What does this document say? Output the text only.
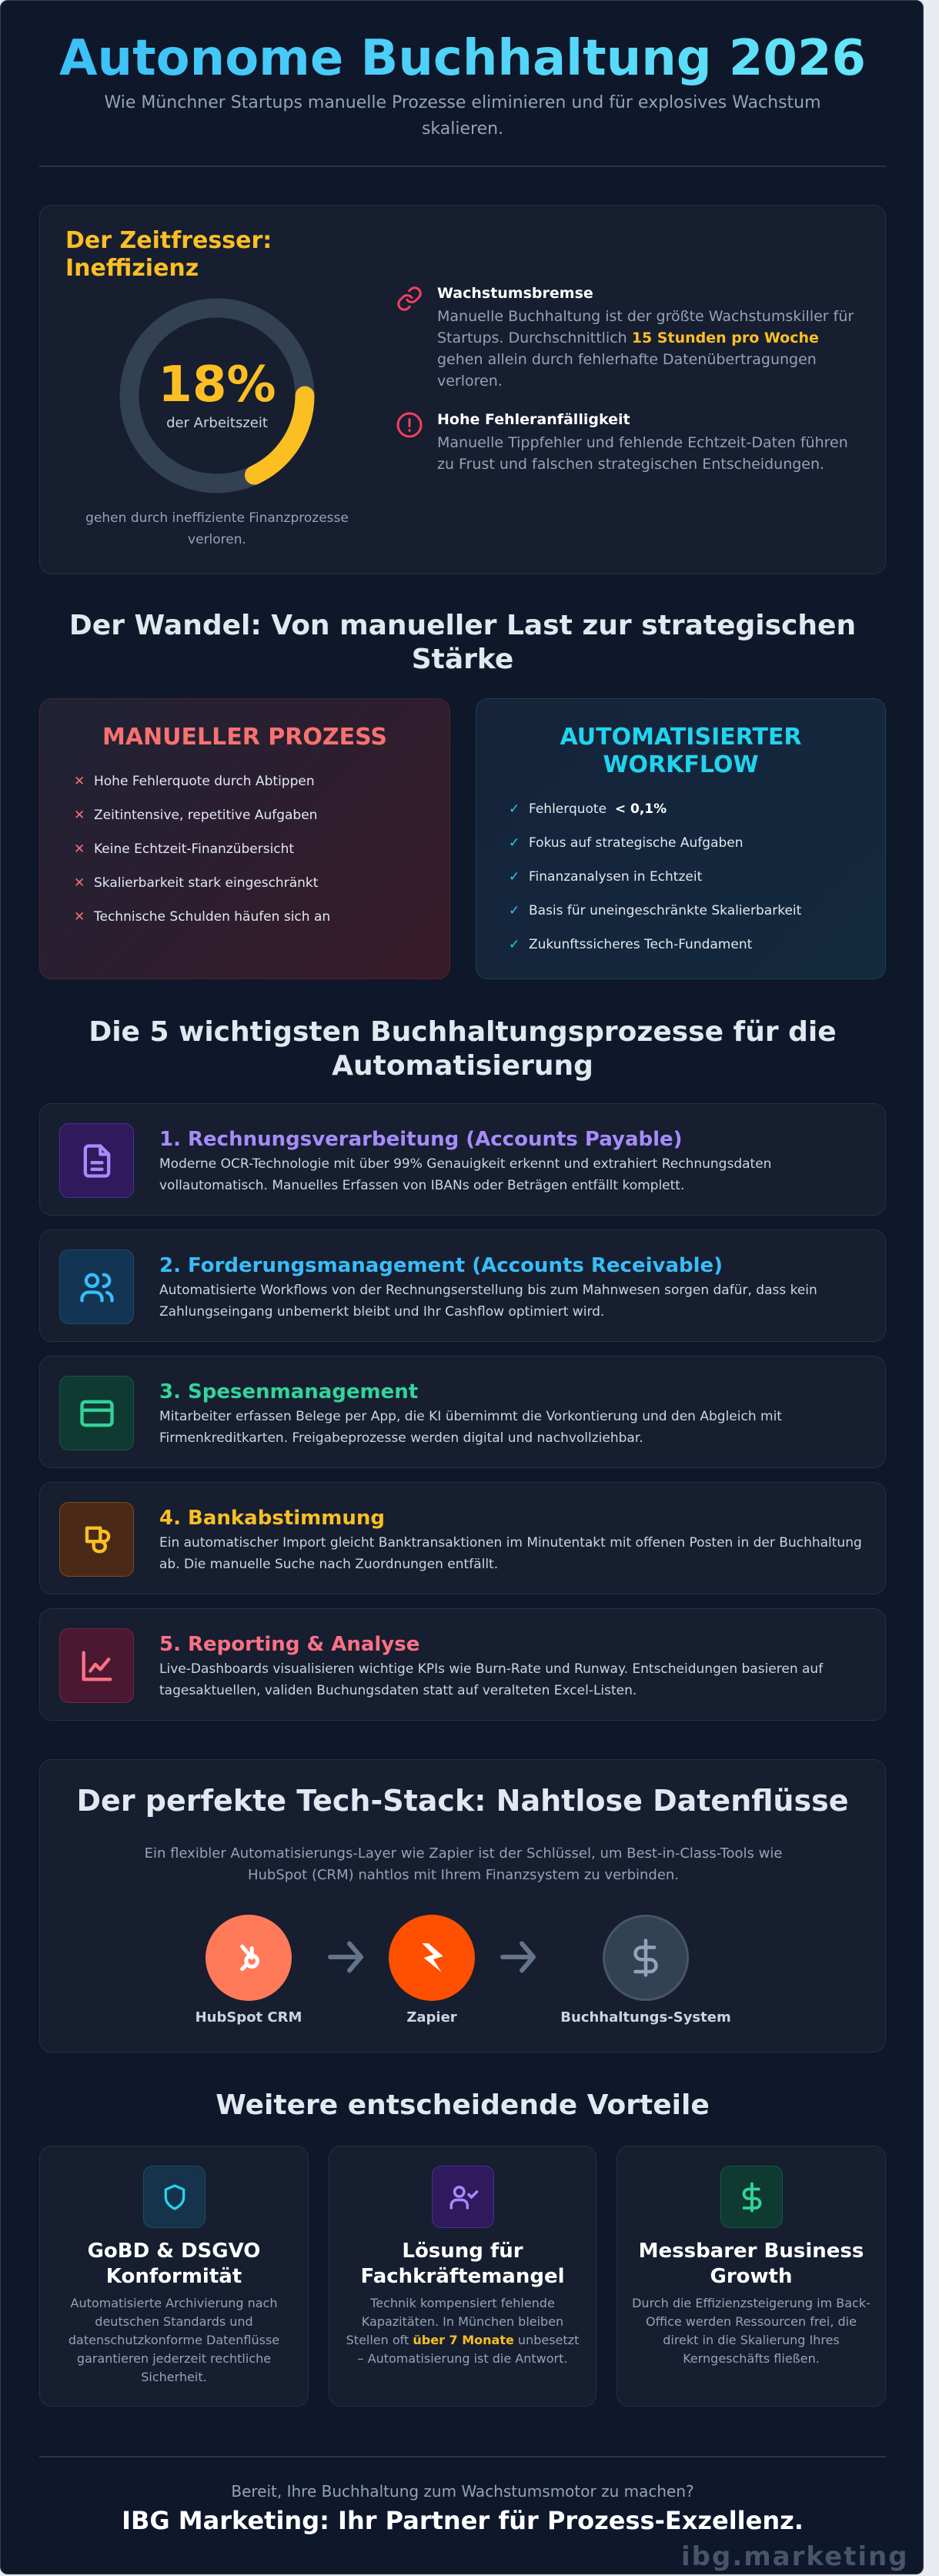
Autonome Buchhaltung 2026

Wie Münchner Startups manuelle Prozesse eliminieren und für explosives Wachstum skalieren.

Der Zeitfresser: Ineffizienz
18%
der Arbeitszeit
gehen durch ineffiziente Finanzprozesse verloren.
Wachstumsbremse

Manuelle Buchhaltung ist der größte Wachstumskiller für Startups. Durchschnittlich 15 Stunden pro Woche gehen allein durch fehlerhafte Datenübertragungen verloren.

Hohe Fehleranfälligkeit

Manuelle Tippfehler und fehlende Echtzeit-Daten führen zu Frust und falschen strategischen Entscheidungen.

Der Wandel: Von manueller Last zur strategischen Stärke
MANUELLER PROZESS
✕ Hohe Fehlerquote durch Abtippen
✕ Zeitintensive, repetitive Aufgaben
✕ Keine Echtzeit-Finanzübersicht
✕ Skalierbarkeit stark eingeschränkt
✕ Technische Schulden häufen sich an
AUTOMATISIERTER WORKFLOW
✓ Fehlerquote
< 0,1%
✓ Fokus auf strategische Aufgaben
✓ Finanzanalysen in Echtzeit
✓ Basis für uneingeschränkte Skalierbarkeit
✓ Zukunftssicheres Tech-Fundament
Die 5 wichtigsten Buchhaltungsprozesse für die Automatisierung
1. Rechnungsverarbeitung (Accounts Payable)

Moderne OCR-Technologie mit über 99% Genauigkeit erkennt und extrahiert Rechnungsdaten vollautomatisch. Manuelles Erfassen von IBANs oder Beträgen entfällt komplett.

2. Forderungsmanagement (Accounts Receivable)

Automatisierte Workflows von der Rechnungserstellung bis zum Mahnwesen sorgen dafür, dass kein Zahlungseingang unbemerkt bleibt und Ihr Cashflow optimiert wird.

3. Spesenmanagement

Mitarbeiter erfassen Belege per App, die KI übernimmt die Vorkontierung und den Abgleich mit Firmenkreditkarten. Freigabeprozesse werden digital und nachvollziehbar.

4. Bankabstimmung

Ein automatischer Import gleicht Banktransaktionen im Minutentakt mit offenen Posten in der Buchhaltung ab. Die manuelle Suche nach Zuordnungen entfällt.

5. Reporting & Analyse

Live-Dashboards visualisieren wichtige KPIs wie Burn-Rate und Runway. Entscheidungen basieren auf tagesaktuellen, validen Buchungsdaten statt auf veralteten Excel-Listen.

Der perfekte Tech-Stack: Nahtlose Datenflüsse

Ein flexibler Automatisierungs-Layer wie Zapier ist der Schlüssel, um Best-in-Class-Tools wie HubSpot (CRM) nahtlos mit Ihrem Finanzsystem zu verbinden.

HubSpot CRM	Zapier	Buchhaltungs-System
Weitere entscheidende Vorteile
GoBD & DSGVO Konformität

Automatisierte Archivierung nach deutschen Standards und datenschutzkonforme Datenflüsse garantieren jederzeit rechtliche Sicherheit.

Lösung für Fachkräftemangel

Technik kompensiert fehlende Kapazitäten. In München bleiben Stellen oft über 7 Monate unbesetzt – Automatisierung ist die Antwort.

Messbarer Business Growth

Durch die Effizienzsteigerung im Back-Office werden Ressourcen frei, die direkt in die Skalierung Ihres Kerngeschäfts fließen.

Bereit, Ihre Buchhaltung zum Wachstumsmotor zu machen?

IBG Marketing: Ihr Partner für Prozess-Exzellenz.

ibg.marketing
